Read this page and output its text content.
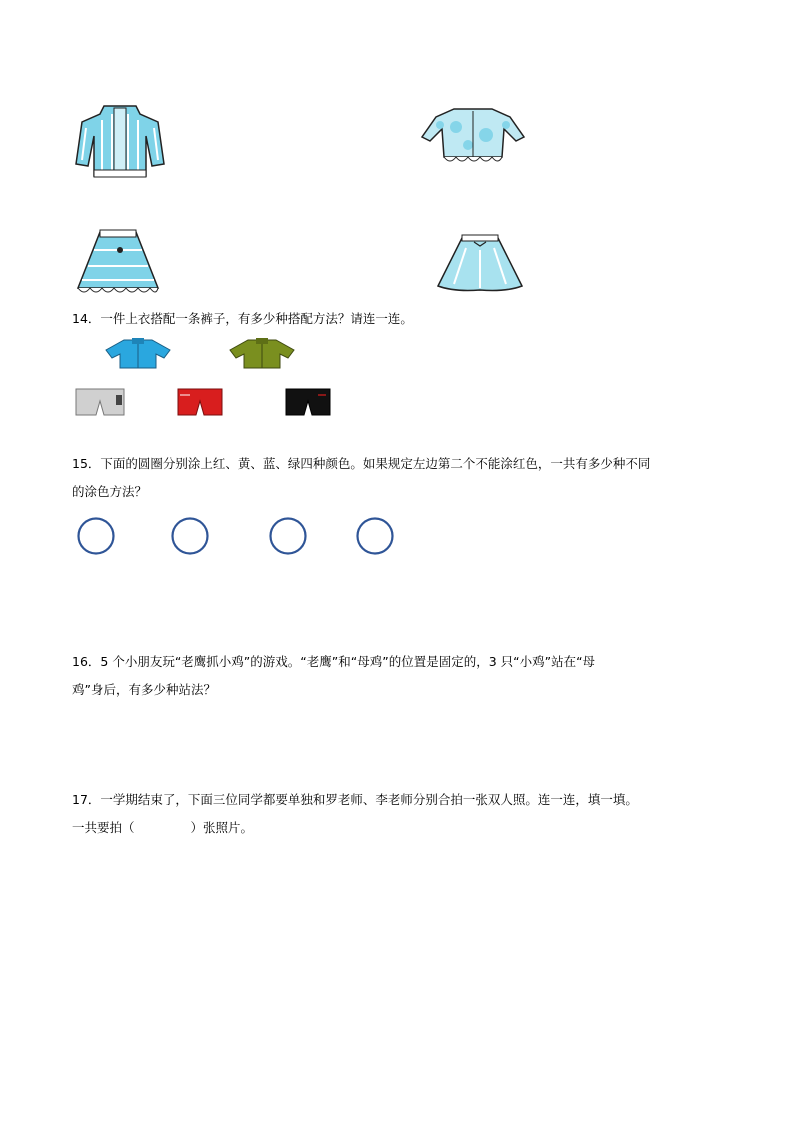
14．一件上衣搭配一条裤子，有多少种搭配方法？请连一连。
15．下面的圆圈分别涂上红、黄、蓝、绿四种颜色。如果规定左边第二个不能涂红色，一共有多少种不同
的涂色方法？
16．5 个小朋友玩“老鹰抓小鸡”的游戏。“老鹰”和“母鸡”的位置是固定的，3 只“小鸡”站在“母
鸡”身后，有多少种站法？
17．一学期结束了，下面三位同学都要单独和罗老师、李老师分别合拍一张双人照。连一连，填一填。
一共要拍（	）张照片。
